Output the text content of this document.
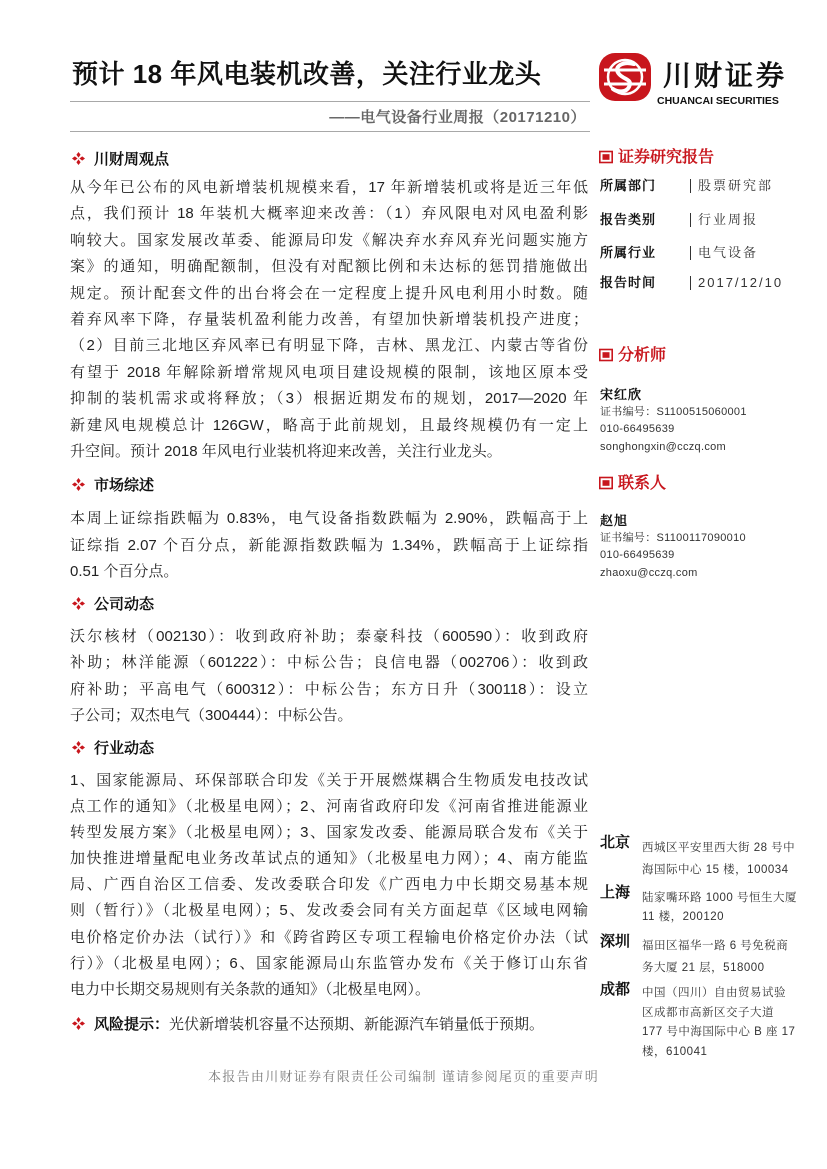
预计 18 年风电装机改善，关注行业龙头
——电气设备行业周报（20171210）
川财证券
CHUANCAI SECURITIES
川财周观点
从今年已公布的风电新增装机规模来看，17 年新增装机或将是近三年低
点，我们预计 18 年装机大概率迎来改善：（1）弃风限电对风电盈利影
响较大。国家发展改革委、能源局印发《解决弃水弃风弃光问题实施方
案》的通知，明确配额制，但没有对配额比例和未达标的惩罚措施做出
规定。预计配套文件的出台将会在一定程度上提升风电利用小时数。随
着弃风率下降，存量装机盈利能力改善，有望加快新增装机投产进度；
（2）目前三北地区弃风率已有明显下降，吉林、黑龙江、内蒙古等省份
有望于 2018 年解除新增常规风电项目建设规模的限制，该地区原本受
抑制的装机需求或将释放；（3）根据近期发布的规划，2017—2020 年
新建风电规模总计 126GW，略高于此前规划，且最终规模仍有一定上
升空间。预计 2018 年风电行业装机将迎来改善，关注行业龙头。
市场综述
本周上证综指跌幅为 0.83%，电气设备指数跌幅为 2.90%，跌幅高于上
证综指 2.07 个百分点，新能源指数跌幅为 1.34%，跌幅高于上证综指
0.51 个百分点。
公司动态
沃尔核材（002130）：收到政府补助；泰豪科技（600590）：收到政府
补助；林洋能源（601222）：中标公告；良信电器（002706）：收到政
府补助；平高电气（600312）：中标公告；东方日升（300118）：设立
子公司；双杰电气（300444）：中标公告。
行业动态
1、国家能源局、环保部联合印发《关于开展燃煤耦合生物质发电技改试
点工作的通知》（北极星电网）；2、河南省政府印发《河南省推进能源业
转型发展方案》（北极星电网）；3、国家发改委、能源局联合发布《关于
加快推进增量配电业务改革试点的通知》（北极星电力网）；4、南方能监
局、广西自治区工信委、发改委联合印发《广西电力中长期交易基本规
则（暂行）》（北极星电网）；5、发改委会同有关方面起草《区域电网输
电价格定价办法（试行）》和《跨省跨区专项工程输电价格定价办法（试
行）》（北极星电网）；6、国家能源局山东监管办发布《关于修订山东省
电力中长期交易规则有关条款的通知》（北极星电网）。
风险提示：光伏新增装机容量不达预期、新能源汽车销量低于预期。
本报告由川财证券有限责任公司编制 谨请参阅尾页的重要声明
证券研究报告
所属部门	股票研究部
报告类别	行业周报
所属行业	电气设备
报告时间	2017/12/10
分析师
宋红欣
证书编号：S1100515060001
010-66495639
songhongxin@cczq.com
联系人
赵旭
证书编号：S1100117090010
010-66495639
zhaoxu@cczq.com
北京 西城区平安里西大街 28 号中
海国际中心 15 楼，100034
上海 陆家嘴环路 1000 号恒生大厦
11 楼，200120
深圳 福田区福华一路 6 号免税商
务大厦 21 层，518000
成都 中国（四川）自由贸易试验
区成都市高新区交子大道
177 号中海国际中心 B 座 17
楼，610041
